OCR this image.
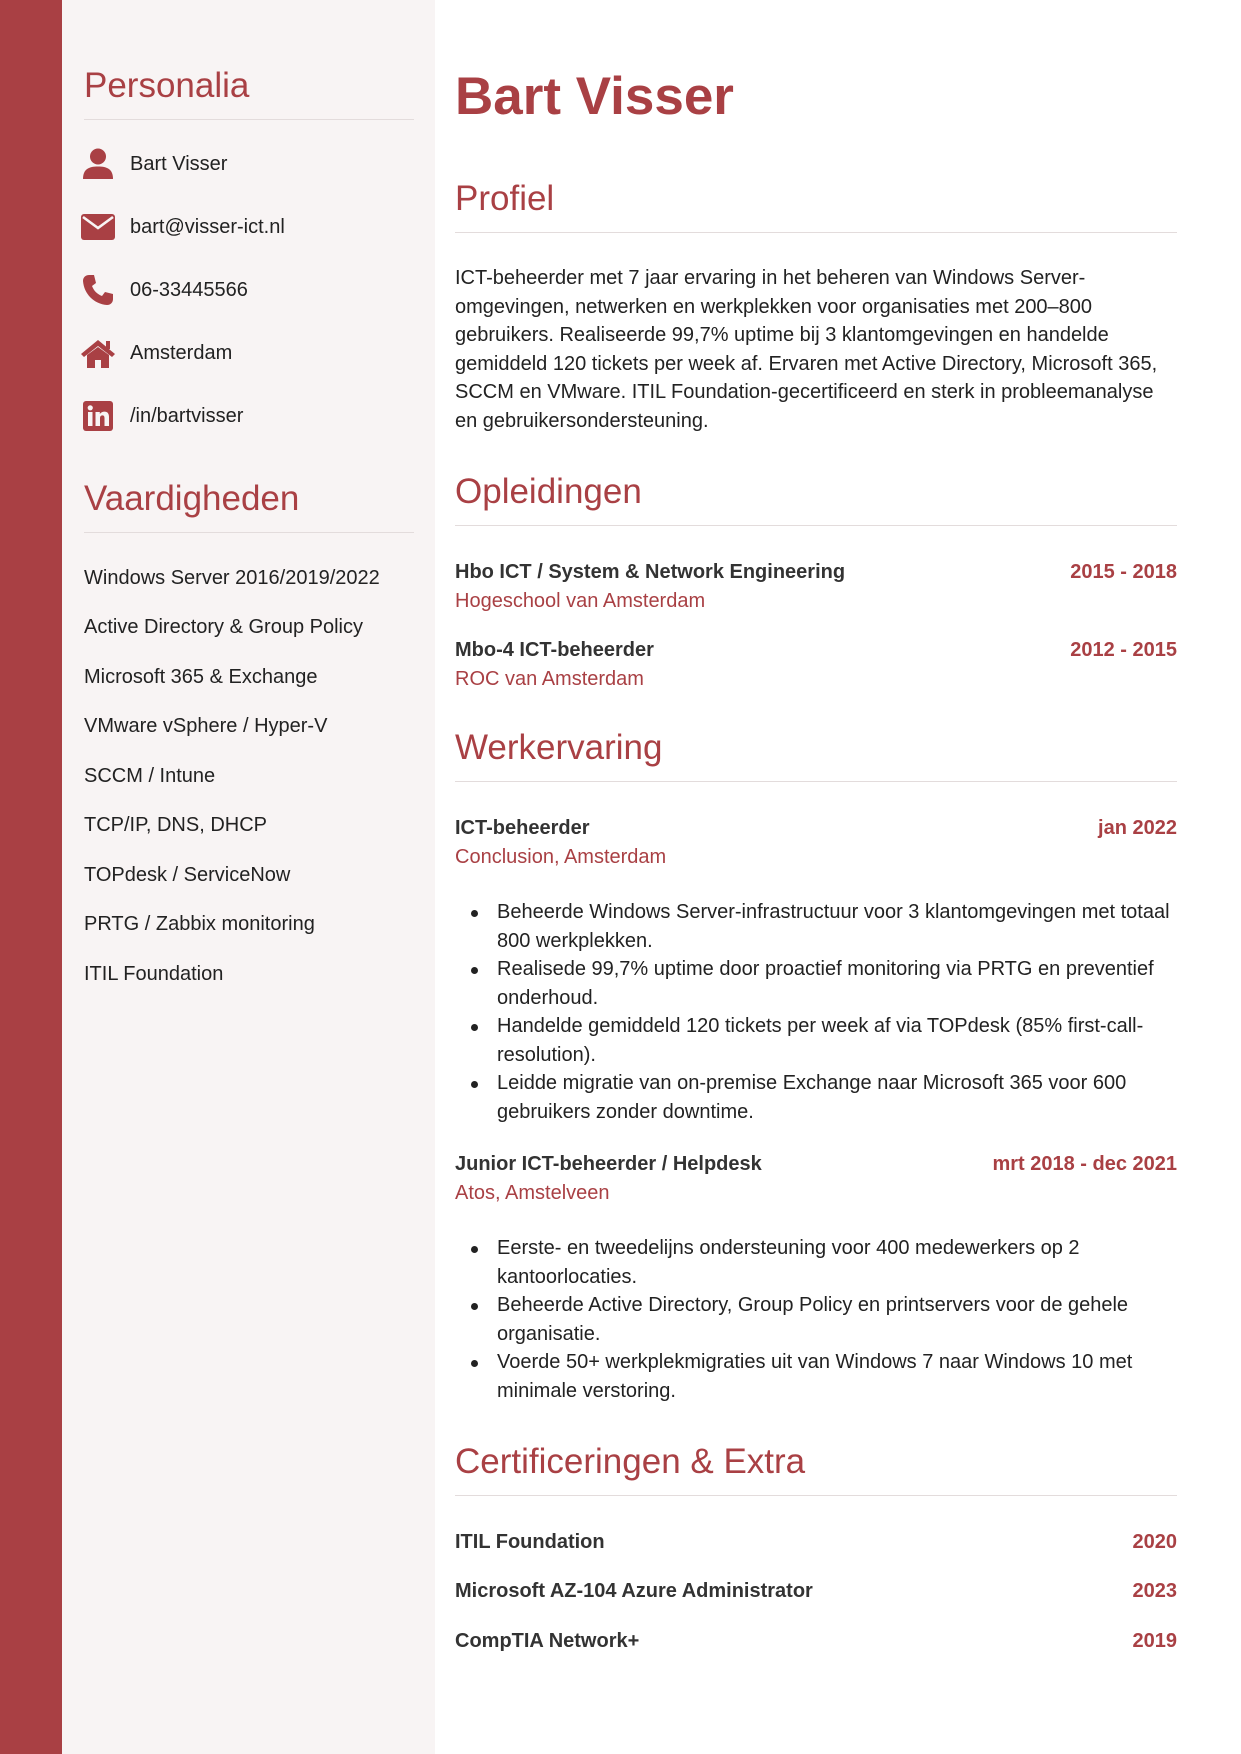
Personalia
Bart Visser
bart@visser-ict.nl
06-33445566
Amsterdam
/in/bartvisser
Vaardigheden
Windows Server 2016/2019/2022
Active Directory & Group Policy
Microsoft 365 & Exchange
VMware vSphere / Hyper-V
SCCM / Intune
TCP/IP, DNS, DHCP
TOPdesk / ServiceNow
PRTG / Zabbix monitoring
ITIL Foundation
Bart Visser
Profiel

ICT-beheerder met 7 jaar ervaring in het beheren van Windows Server-omgevingen, netwerken en werkplekken voor organisaties met 200–800 gebruikers. Realiseerde 99,7% uptime bij 3 klantomgevingen en handelde gemiddeld 120 tickets per week af. Ervaren met Active Directory, Microsoft 365, SCCM en VMware. ITIL Foundation-gecertificeerd en sterk in probleemanalyse en gebruikersondersteuning.

Opleidingen
Hbo ICT / System & Network Engineering	2015 - 2018
Hogeschool van Amsterdam
Mbo-4 ICT-beheerder	2012 - 2015
ROC van Amsterdam
Werkervaring
ICT-beheerder	jan 2022
Conclusion, Amsterdam
Beheerde Windows Server-infrastructuur voor 3 klantomgevingen met totaal 800 werkplekken.
Realisede 99,7% uptime door proactief monitoring via PRTG en preventief onderhoud.
Handelde gemiddeld 120 tickets per week af via TOPdesk (85% first-call-resolution).
Leidde migratie van on-premise Exchange naar Microsoft 365 voor 600 gebruikers zonder downtime.
Junior ICT-beheerder / Helpdesk	mrt 2018 - dec 2021
Atos, Amstelveen
Eerste- en tweedelijns ondersteuning voor 400 medewerkers op 2 kantoorlocaties.
Beheerde Active Directory, Group Policy en printservers voor de gehele organisatie.
Voerde 50+ werkplekmigraties uit van Windows 7 naar Windows 10 met minimale verstoring.
Certificeringen & Extra
ITIL Foundation	2020
Microsoft AZ-104 Azure Administrator	2023
CompTIA Network+	2019
